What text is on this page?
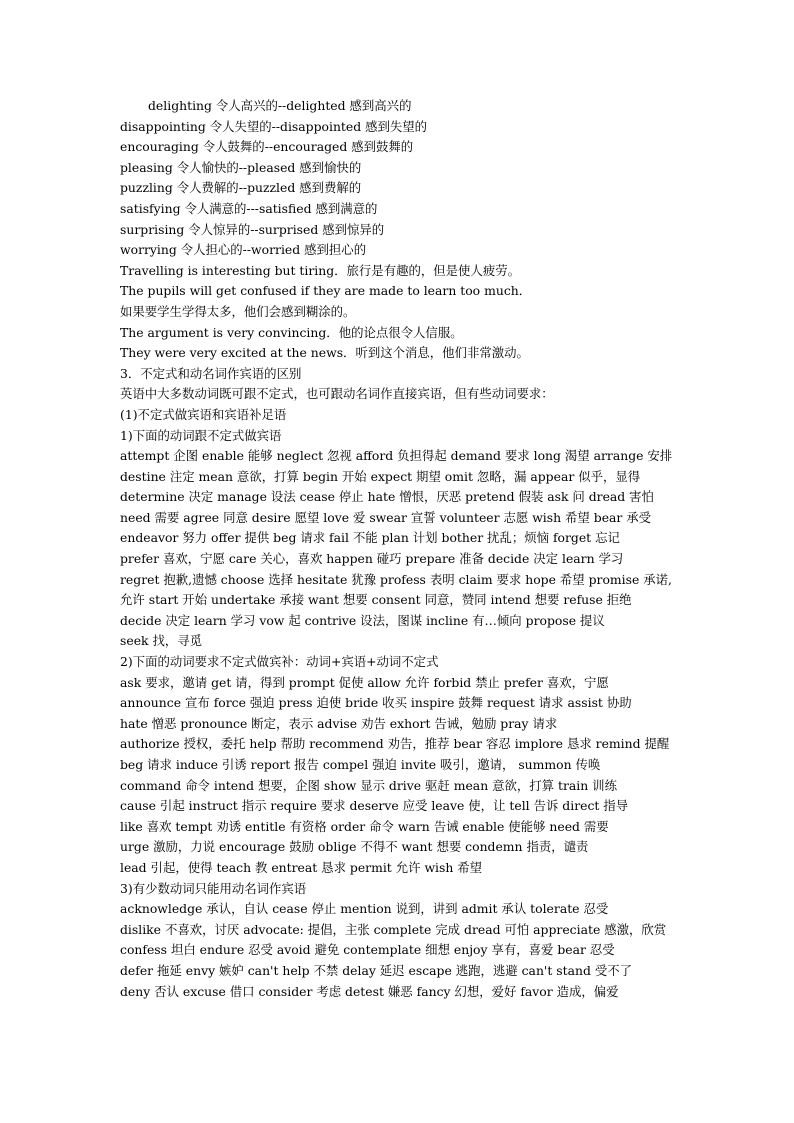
delighting 令人高兴的--delighted 感到高兴的
disappointing 令人失望的--disappointed 感到失望的
encouraging 令人鼓舞的--encouraged 感到鼓舞的
pleasing 令人愉快的--pleased 感到愉快的
puzzling 令人费解的--puzzled 感到费解的
satisfying 令人满意的---satisfied 感到满意的
surprising 令人惊异的--surprised 感到惊异的
worrying 令人担心的--worried 感到担心的
Travelling is interesting but tiring．旅行是有趣的，但是使人疲劳。
The pupils will get confused if they are made to learn too much．
如果要学生学得太多，他们会感到糊涂的。
The argument is very convincing．他的论点很令人信服。
They were very excited at the news．听到这个消息，他们非常激动。
3．不定式和动名词作宾语的区别
英语中大多数动词既可跟不定式，也可跟动名词作直接宾语，但有些动词要求：
(1)不定式做宾语和宾语补足语
1)下面的动词跟不定式做宾语
attempt 企图 enable 能够 neglect 忽视 afford 负担得起 demand 要求 long 渴望 arrange 安排
destine 注定 mean 意欲，打算 begin 开始 expect 期望 omit 忽略，漏 appear 似乎，显得
determine 决定 manage 设法 cease 停止 hate 憎恨，厌恶 pretend 假装 ask 问 dread 害怕
need 需要 agree 同意 desire 愿望 love 爱 swear 宣誓 volunteer 志愿 wish 希望 bear 承受
endeavor 努力 offer 提供 beg 请求 fail 不能 plan 计划 bother 扰乱；烦恼 forget 忘记
prefer 喜欢，宁愿 care 关心，喜欢 happen 碰巧 prepare 准备 decide 决定 learn 学习
regret 抱歉,遗憾 choose 选择 hesitate 犹豫 profess 表明 claim 要求 hope 希望 promise 承诺,
允许 start 开始 undertake 承接 want 想要 consent 同意，赞同 intend 想要 refuse 拒绝
decide 决定 learn 学习 vow 起 contrive 设法，图谋 incline 有…倾向 propose 提议
seek 找，寻觅
2)下面的动词要求不定式做宾补：动词+宾语+动词不定式
ask 要求，邀请 get 请，得到 prompt 促使 allow 允许 forbid 禁止 prefer 喜欢，宁愿
announce 宣布 force 强迫 press 迫使 bride 收买 inspire 鼓舞 request 请求 assist 协助
hate 憎恶 pronounce 断定，表示 advise 劝告 exhort 告诫，勉励 pray 请求
authorize 授权，委托 help 帮助 recommend 劝告，推荐 bear 容忍 implore 恳求 remind 提醒
beg 请求 induce 引诱 report 报告 compel 强迫 invite 吸引，邀请， summon 传唤
command 命令 intend 想要，企图 show 显示 drive 驱赶 mean 意欲，打算 train 训练
cause 引起 instruct 指示 require 要求 deserve 应受 leave 使，让 tell 告诉 direct 指导
like 喜欢 tempt 劝诱 entitle 有资格 order 命令 warn 告诫 enable 使能够 need 需要
urge 激励，力说 encourage 鼓励 oblige 不得不 want 想要 condemn 指责，谴责
lead 引起，使得 teach 教 entreat 恳求 permit 允许 wish 希望
3)有少数动词只能用动名词作宾语
acknowledge 承认，自认 cease 停止 mention 说到，讲到 admit 承认 tolerate 忍受
dislike 不喜欢，讨厌 advocate: 提倡，主张 complete 完成 dread 可怕 appreciate 感激，欣赏
confess 坦白 endure 忍受 avoid 避免 contemplate 细想 enjoy 享有，喜爱 bear 忍受
defer 拖延 envy 嫉妒 can't help 不禁 delay 延迟 escape 逃跑，逃避 can't stand 受不了
deny 否认 excuse 借口 consider 考虑 detest 嫌恶 fancy 幻想，爱好 favor 造成，偏爱
